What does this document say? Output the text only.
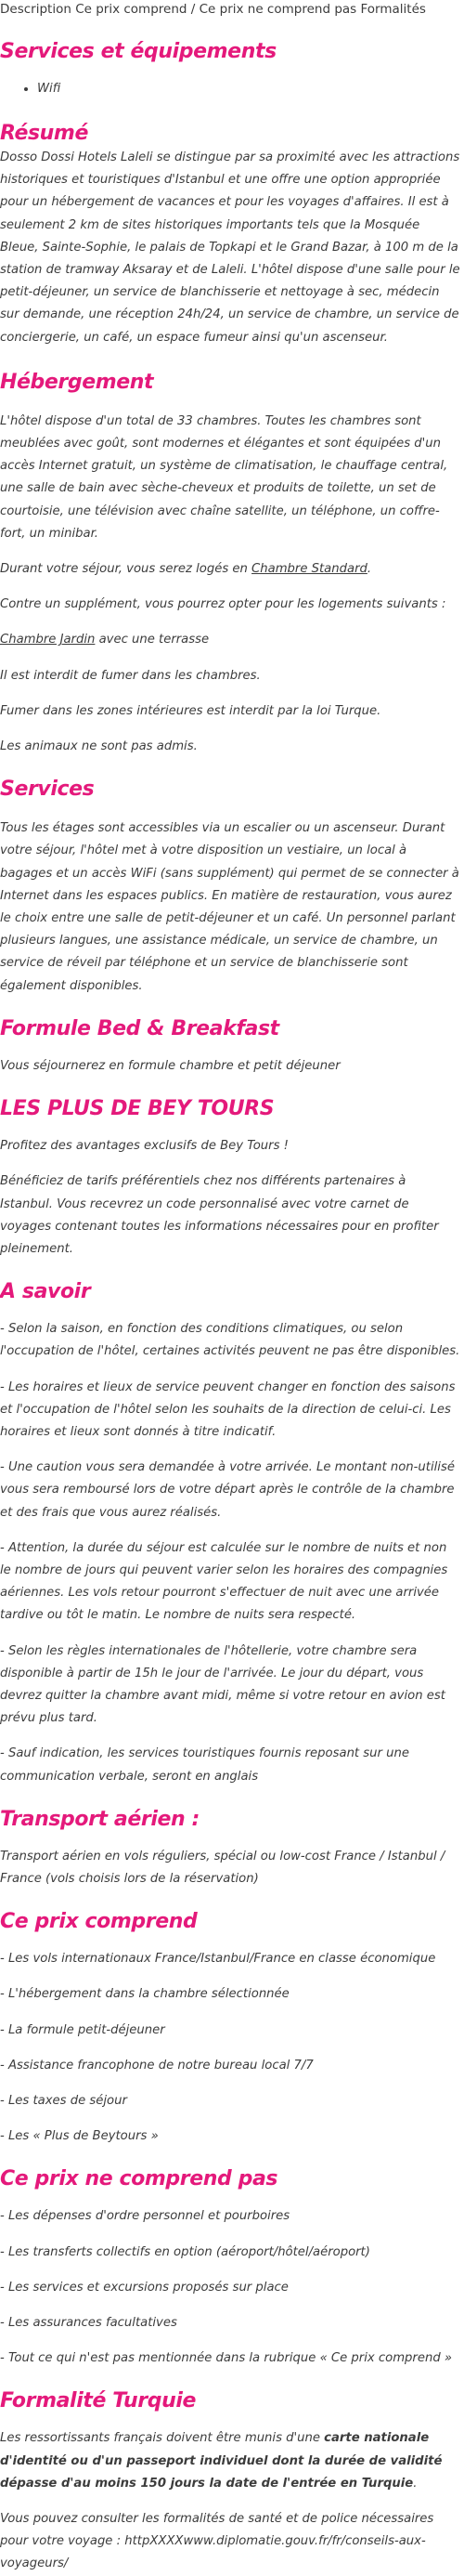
Description Ce prix comprend / Ce prix ne comprend pas Formalités
Services et équipements
• Wifi
Résumé

Dosso Dossi Hotels Laleli se distingue par sa proximité avec les attractions historiques et touristiques d'Istanbul et une offre une option appropriée pour un hébergement de vacances et pour les voyages d'affaires. Il est à seulement 2 km de sites historiques importants tels que la Mosquée Bleue, Sainte-Sophie, le palais de Topkapi et le Grand Bazar, à 100 m de la station de tramway Aksaray et de Laleli. L'hôtel dispose d'une salle pour le petit-déjeuner, un service de blanchisserie et nettoyage à sec, médecin sur demande, une réception 24h/24, un service de chambre, un service de conciergerie, un café, un espace fumeur ainsi qu'un ascenseur.

Hébergement

L'hôtel dispose d'un total de 33 chambres. Toutes les chambres sont meublées avec goût, sont modernes et élégantes et sont équipées d'un accès Internet gratuit, un système de climatisation, le chauffage central, une salle de bain avec sèche-cheveux et produits de toilette, un set de courtoisie, une télévision avec chaîne satellite, un téléphone, un coffre-fort, un minibar.

Durant votre séjour, vous serez logés en Chambre Standard.

Contre un supplément, vous pourrez opter pour les logements suivants :

Chambre Jardin avec une terrasse

Il est interdit de fumer dans les chambres.

Fumer dans les zones intérieures est interdit par la loi Turque.

Les animaux ne sont pas admis.

Services

Tous les étages sont accessibles via un escalier ou un ascenseur. Durant votre séjour, l'hôtel met à votre disposition un vestiaire, un local à bagages et un accès WiFi (sans supplément) qui permet de se connecter à Internet dans les espaces publics. En matière de restauration, vous aurez le choix entre une salle de petit-déjeuner et un café. Un personnel parlant plusieurs langues, une assistance médicale, un service de chambre, un service de réveil par téléphone et un service de blanchisserie sont également disponibles.

Formule Bed & Breakfast

Vous séjournerez en formule chambre et petit déjeuner

LES PLUS DE BEY TOURS

Profitez des avantages exclusifs de Bey Tours !

Bénéficiez de tarifs préférentiels chez nos différents partenaires à Istanbul. Vous recevrez un code personnalisé avec votre carnet de voyages contenant toutes les informations nécessaires pour en profiter pleinement.

A savoir

- Selon la saison, en fonction des conditions climatiques, ou selon l'occupation de l'hôtel, certaines activités peuvent ne pas être disponibles.

- Les horaires et lieux de service peuvent changer en fonction des saisons et l'occupation de l'hôtel selon les souhaits de la direction de celui-ci. Les horaires et lieux sont donnés à titre indicatif.

- Une caution vous sera demandée à votre arrivée. Le montant non-utilisé vous sera remboursé lors de votre départ après le contrôle de la chambre et des frais que vous aurez réalisés.

- Attention, la durée du séjour est calculée sur le nombre de nuits et non le nombre de jours qui peuvent varier selon les horaires des compagnies aériennes. Les vols retour pourront s'effectuer de nuit avec une arrivée tardive ou tôt le matin. Le nombre de nuits sera respecté.

- Selon les règles internationales de l'hôtellerie, votre chambre sera disponible à partir de 15h le jour de l'arrivée. Le jour du départ, vous devrez quitter la chambre avant midi, même si votre retour en avion est prévu plus tard.

- Sauf indication, les services touristiques fournis reposant sur une communication verbale, seront en anglais

Transport aérien :

Transport aérien en vols réguliers, spécial ou low-cost France / Istanbul / France (vols choisis lors de la réservation)

Ce prix comprend

- Les vols internationaux France/Istanbul/France en classe économique

- L'hébergement dans la chambre sélectionnée

- La formule petit-déjeuner

- Assistance francophone de notre bureau local 7/7

- Les taxes de séjour

- Les « Plus de Beytours »

Ce prix ne comprend pas

- Les dépenses d'ordre personnel et pourboires

- Les transferts collectifs en option (aéroport/hôtel/aéroport)

- Les services et excursions proposés sur place

- Les assurances facultatives

- Tout ce qui n'est pas mentionnée dans la rubrique « Ce prix comprend »

Formalité Turquie

Les ressortissants français doivent être munis d'une carte nationale d'identité ou d'un passeport individuel dont la durée de validité dépasse d'au moins 150 jours la date de l'entrée en Turquie.

Vous pouvez consulter les formalités de santé et de police nécessaires pour votre voyage : httpXXXXwww.diplomatie.gouv.fr/fr/conseils-aux-voyageurs/
